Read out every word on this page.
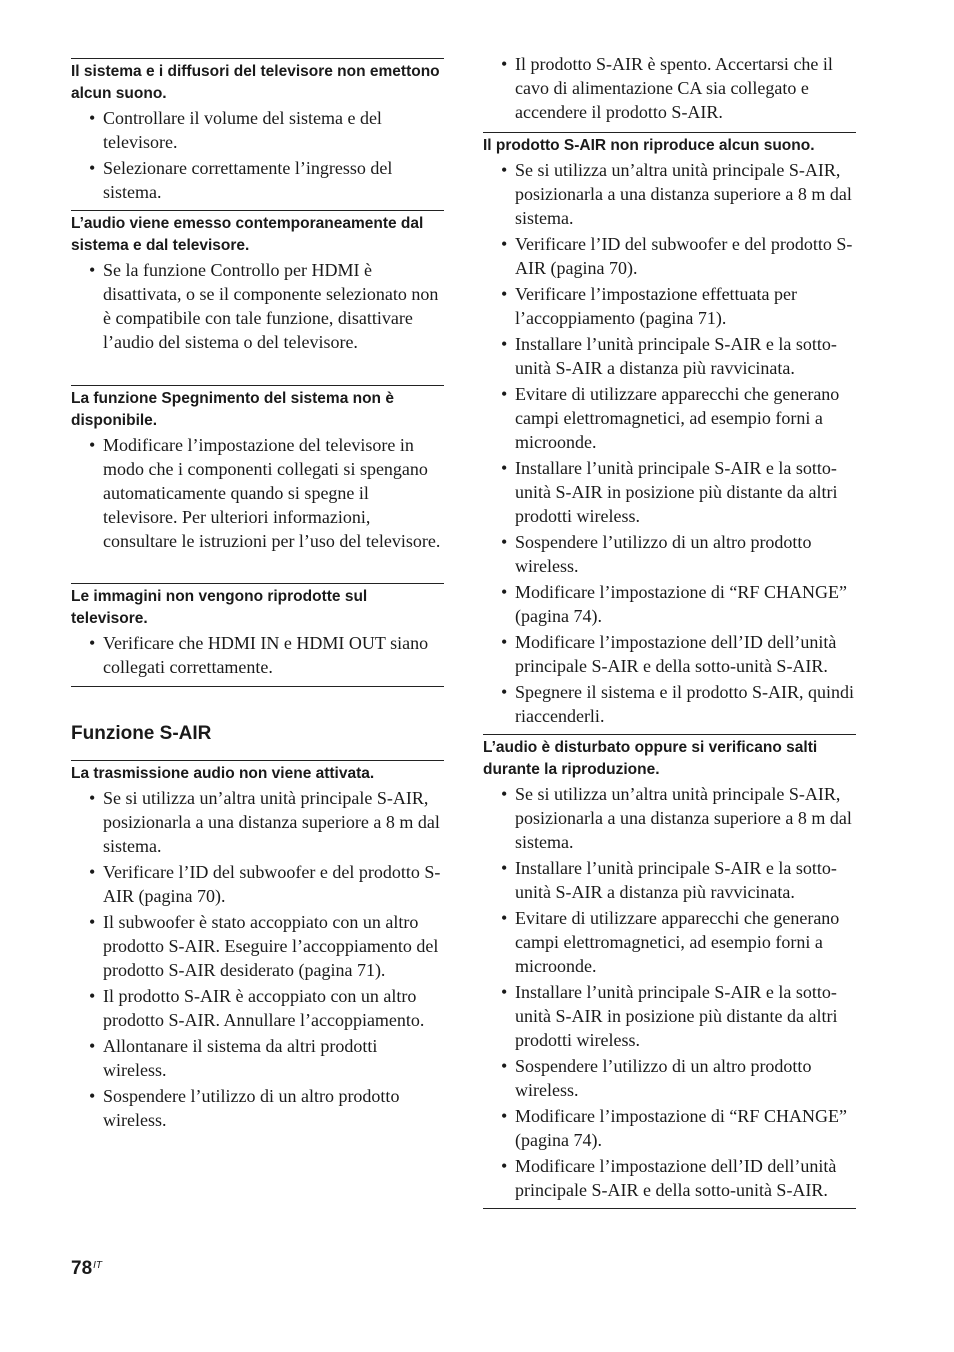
Il sistema e i diffusori del televisore non emettono alcun suono.

• Controllare il volume del sistema e del televisore.
• Selezionare correttamente l’ingresso del sistema.

L’audio viene emesso contemporaneamente dal sistema e dal televisore.

• Se la funzione Controllo per HDMI è disattivata, o se il componente selezionato non è compatibile con tale funzione, disattivare l’audio del sistema o del televisore.

La funzione Spegnimento del sistema non è disponibile.

• Modificare l’impostazione del televisore in modo che i componenti collegati si spengano automaticamente quando si spegne il televisore. Per ulteriori informazioni, consultare le istruzioni per l’uso del televisore.

Le immagini non vengono riprodotte sul televisore.

• Verificare che HDMI IN e HDMI OUT siano collegati correttamente.
Funzione S-AIR

La trasmissione audio non viene attivata.

• Se si utilizza un’altra unità principale S-AIR, posizionarla a una distanza superiore a 8 m dal sistema.
• Verificare l’ID del subwoofer e del prodotto S-AIR (pagina 70).
• Il subwoofer è stato accoppiato con un altro prodotto S-AIR. Eseguire l’accoppiamento del prodotto S-AIR desiderato (pagina 71).
• Il prodotto S-AIR è accoppiato con un altro prodotto S-AIR. Annullare l’accoppiamento.
• Allontanare il sistema da altri prodotti wireless.
• Sospendere l’utilizzo di un altro prodotto wireless.
• Il prodotto S-AIR è spento. Accertarsi che il cavo di alimentazione CA sia collegato e accendere il prodotto S-AIR.

Il prodotto S-AIR non riproduce alcun suono.

• Se si utilizza un’altra unità principale S-AIR, posizionarla a una distanza superiore a 8 m dal sistema.
• Verificare l’ID del subwoofer e del prodotto S-AIR (pagina 70).
• Verificare l’impostazione effettuata per l’accoppiamento (pagina 71).
• Installare l’unità principale S-AIR e la sotto-unità S-AIR a distanza più ravvicinata.
• Evitare di utilizzare apparecchi che generano campi elettromagnetici, ad esempio forni a microonde.
• Installare l’unità principale S-AIR e la sotto-unità S-AIR in posizione più distante da altri prodotti wireless.
• Sospendere l’utilizzo di un altro prodotto wireless.
• Modificare l’impostazione di “RF CHANGE” (pagina 74).
• Modificare l’impostazione dell’ID dell’unità principale S-AIR e della sotto-unità S-AIR.
• Spegnere il sistema e il prodotto S-AIR, quindi riaccenderli.

L’audio è disturbato oppure si verificano salti durante la riproduzione.

• Se si utilizza un’altra unità principale S-AIR, posizionarla a una distanza superiore a 8 m dal sistema.
• Installare l’unità principale S-AIR e la sotto-unità S-AIR a distanza più ravvicinata.
• Evitare di utilizzare apparecchi che generano campi elettromagnetici, ad esempio forni a microonde.
• Installare l’unità principale S-AIR e la sotto-unità S-AIR in posizione più distante da altri prodotti wireless.
• Sospendere l’utilizzo di un altro prodotto wireless.
• Modificare l’impostazione di “RF CHANGE” (pagina 74).
• Modificare l’impostazione dell’ID dell’unità principale S-AIR e della sotto-unità S-AIR.
$78^{IT}$
